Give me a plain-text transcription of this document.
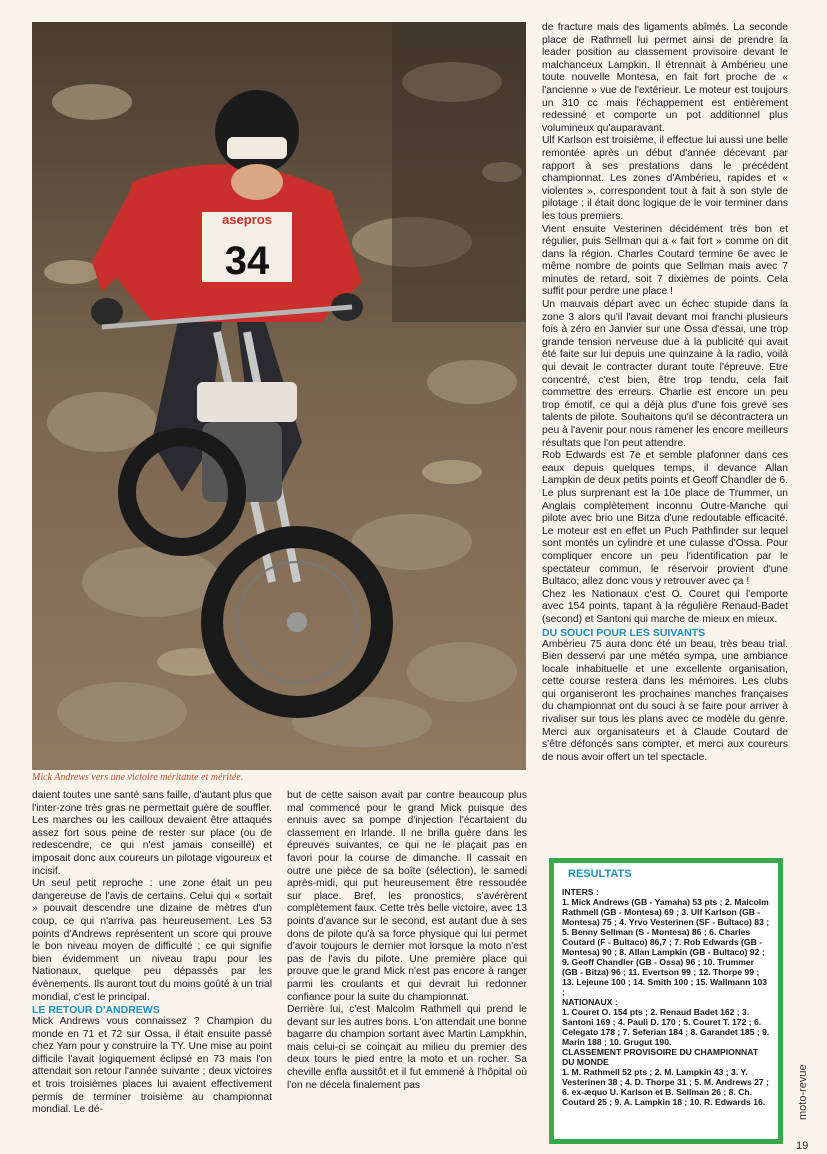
asepros
34
Mick Andrews vers une victoire méritante et méritée.

daient toutes une santé sans faille, d'autant plus que l'inter-zone très gras ne permettait guère de souffler. Les marches ou les cailloux devaient être attaqués assez fort sous peine de rester sur place (ou de redescendre, ce qui n'est jamais conseillé) et imposait donc aux coureurs un pilotage vigoureux et incisif.

Un seul petit reproche : une zone était un peu dangereuse de l'avis de certains. Celui qui « sortait » pouvait descendre une dizaine de mètres d'un coup, ce qui n'arriva pas heureusement. Les 53 points d'Andrews représentent un score qui prouve le bon niveau moyen de difficulté ; ce qui signifie bien évidemment un niveau trapu pour les Nationaux, quelque peu dépassés par les évènements. Ils auront tout du moins goûté à un trial mondial, c'est le principal.

LE RETOUR D'ANDREWS

Mick Andrews vous connaissez ? Champion du monde en 71 et 72 sur Ossa, il était ensuite passé chez Yam pour y construire la TY. Une mise au point difficile l'avait logiquement éclipsé en 73 mais l'on attendait son retour l'année suivante ; deux victoires et trois troisièmes places lui avaient effectivement permis de terminer troisième au championnat mondial. Le dé-

but de cette saison avait par contre beaucoup plus mal commencé pour le grand Mick puisque des ennuis avec sa pompe d'injection l'écartaient du classement en Irlande. Il ne brilla guère dans les épreuves suivantes, ce qui ne le plaçait pas en favori pour la course de dimanche. Il cassait en outre une pièce de sa boîte (sélection), le samedi après-midi, qui put heureusement être ressoudée sur place. Bref, les pronostics, s'avérèrent complètement faux. Cette très belle victoire, avec 13 points d'avance sur le second, est autant due à ses dons de pilote qu'à sa force physique qui lui permet d'avoir toujours le dernier mot lorsque la moto n'est pas de l'avis du pilote. Une première place qui prouve que le grand Mick n'est pas encore à ranger parmi les croulants et qui devrait lui redonner confiance pour la suite du championnat.

Derrière lui, c'est Malcolm Rathmell qui prend le devant sur les autres bons. L'on attendait une bonne bagarre du champion sortant avec Martin Lampkhin, mais celui-ci se coinçait au milieu du premier des deux tours le pied entre la moto et un rocher. Sa cheville enfla aussitôt et il fut emmené à l'hôpital où l'on ne décela finalement pas

de fracture mais des ligaments abîmés. La seconde place de Rathmell lui permet ainsi de prendre la leader position au classement provisoire devant le malchanceux Lampkin. Il étrennait à Ambérieu une toute nouvelle Montesa, en fait fort proche de « l'ancienne » vue de l'extérieur. Le moteur est toujours un 310 cc mais l'échappement est entièrement redessiné et comporte un pot additionnel plus volumineux qu'auparavant.

Ulf Karlson est troisième, il effectue lui aussi une belle remontée après un début d'année décevant par rapport à ses prestations dans le précédent championnat. Les zones d'Ambérieu, rapides et « violentes », correspondent tout à fait à son style de pilotage ; il était donc logique de le voir terminer dans les tous premiers.

Vient ensuite Vesterinen décidément très bon et régulier, puis Sellman qui a « fait fort » comme on dit dans la région. Charles Coutard termine 6e avec le même nombre de points que Sellman mais avec 7 minutes de retard, soit 7 dixièmes de points. Cela suffit pour perdre une place !

Un mauvais départ avec un échec stupide dans la zone 3 alors qu'il l'avait devant moi franchi plusieurs fois à zéro en Janvier sur une Ossa d'essai, une trop grande tension nerveuse due à la publicité qui avait été faite sur lui depuis une quinzaine à la radio, voilà qui devait le contracter durant toute l'épreuve. Etre concentré, c'est bien, être trop tendu, cela fait commettre des erreurs. Charlie est encore un peu trop émotif, ce qui a déjà plus d'une fois grevé ses talents de pilote. Souhaitons qu'il se décontractera un peu à l'avenir pour nous ramener les encore meilleurs résultats que l'on peut attendre.

Rob Edwards est 7e et semble plafonner dans ces eaux depuis quelques temps, il devance Allan Lampkin de deux petits points et Geoff Chandler de 6. Le plus surprenant est la 10e place de Trummer, un Anglais complètement inconnu Outre-Manche qui pilote avec brio une Bitza d'une redoutable efficacité. Le moteur est en effet un Puch Pathfinder sur lequel sont montés un cylindre et une culasse d'Ossa. Pour compliquer encore un peu l'identification par le spectateur commun, le réservoir provient d'une Bultaco, allez donc vous y retrouver avec ça !

Chez les Nationaux c'est O. Couret qui l'emporte avec 154 points, tapant à la régulière Renaud-Badet (second) et Santoni qui marche de mieux en mieux.

DU SOUCI POUR LES SUIVANTS

Ambérieu 75 aura donc été un beau, très beau trial. Bien desservi par une météo sympa, une ambiance locale inhabituelle et une excellente organisation, cette course restera dans les mémoires. Les clubs qui organiseront les prochaines manches françaises du championnat ont du souci à se faire pour arriver à rivaliser sur tous les plans avec ce modèle du genre. Merci aux organisateurs et à Claude Coutard de s'être défoncés sans compter, et merci aux coureurs de nous avoir offert un tel spectacle.

RESULTATS

INTERS :

1. Mick Andrews (GB - Yamaha) 53 pts ; 2. Malcolm Rathmell (GB - Montesa) 69 ; 3. Ulf Karlson (GB - Montesa) 75 ; 4. Yrvo Vesterinen (SF - Bultaco) 83 ; 5. Benny Sellman (S - Montesa) 86 ; 6. Charles Coutard (F - Bultaco) 86,7 ; 7. Rob Edwards (GB - Montesa) 90 ; 8. Allan Lampkin (GB - Bultaco) 92 ; 9. Geoff Chandler (GB - Ossa) 96 ; 10. Trummer (GB - Bitza) 96 ; 11. Evertson 99 ; 12. Thorpe 99 ; 13. Lejeune 100 ; 14. Smith 100 ; 15. Wallmann 103 ;

NATIONAUX :

1. Couret O. 154 pts ; 2. Renaud Badet 162 ; 3. Santoni 169 ; 4. Pauli D. 170 ; 5. Couret T. 172 ; 6. Celegato 178 ; 7. Seferian 184 ; 8. Garandet 185 ; 9. Marin 188 ; 10. Grugut 190.

CLASSEMENT PROVISOIRE DU CHAMPIONNAT DU MONDE

1. M. Rathmell 52 pts ; 2. M. Lampkin 43 ; 3. Y. Vesterinen 38 ; 4. D. Thorpe 31 ; 5. M. Andrews 27 ; 6. ex-æquo U. Karlson et B. Sellman 26 ; 8. Ch. Coutard 25 ; 9. A. Lampkin 18 ; 10. R. Edwards 16.	moto-revue
19
